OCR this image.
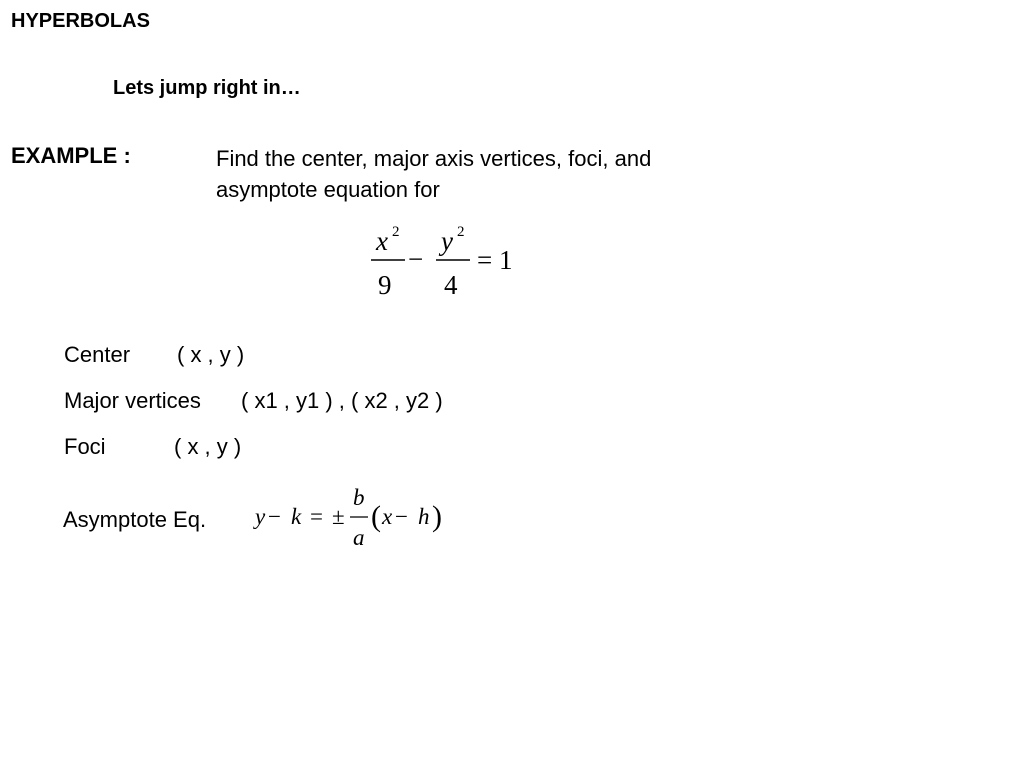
HYPERBOLAS
Lets jump right in…
EXAMPLE :	Find the center, major axis vertices, foci, and
asymptote equation for
x 2
9
−
y 2
4
= 1
Center ( x , y )
Major vertices ( x1 , y1 ) , ( x2 , y2 )
Foci	( x , y )
Asymptote Eq. y − k = ±
b
a
( x − h )
